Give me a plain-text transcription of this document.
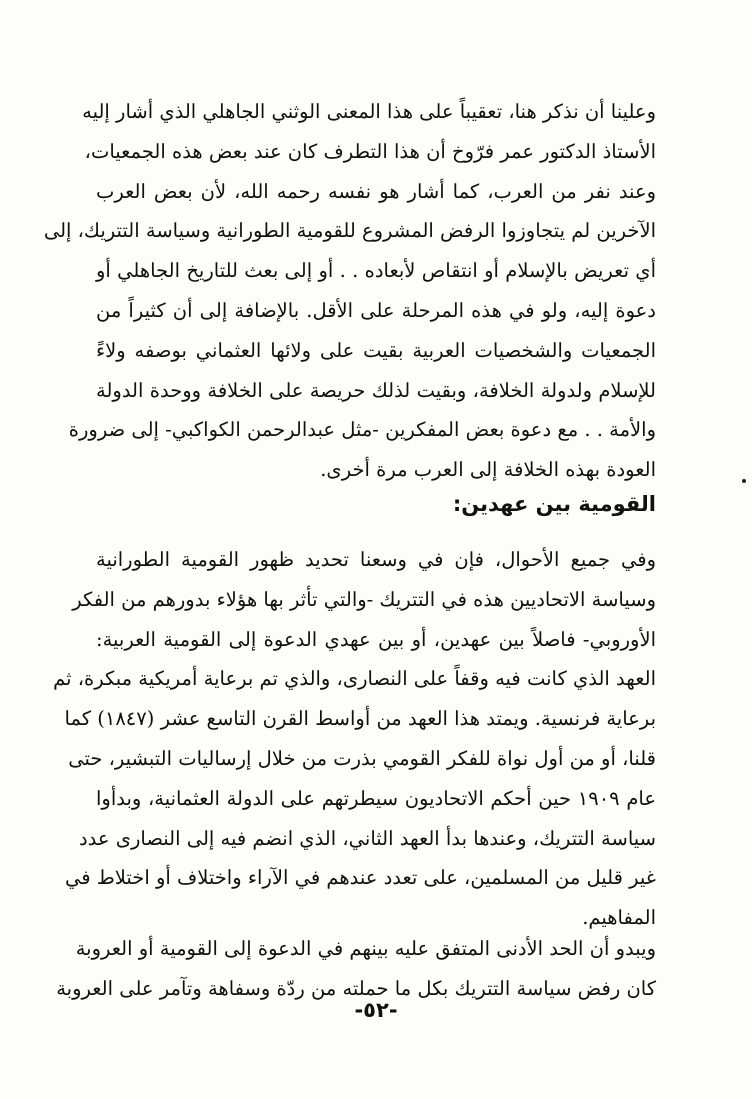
وعلينا أن نذكر هنا، تعقيباً على هذا المعنى الوثني الجاهلي الذي أشار إليه
الأستاذ الدكتور عمر فرّوخ أن هذا التطرف كان عند بعض هذه الجمعيات،
وعند نفر من العرب، كما أشار هو نفسه رحمه الله، لأن بعض العرب
الآخرين لم يتجاوزوا الرفض المشروع للقومية الطورانية وسياسة التتريك، إلى
أي تعريض بالإسلام أو انتقاص لأبعاده . . أو إلى بعث للتاريخ الجاهلي أو
دعوة إليه، ولو في هذه المرحلة على الأقل. بالإضافة إلى أن كثيراً من
الجمعيات والشخصيات العربية بقيت على ولائها العثماني بوصفه ولاءً
للإسلام ولدولة الخلافة، وبقيت لذلك حريصة على الخلافة ووحدة الدولة
والأمة . . مع دعوة بعض المفكرين -مثل عبدالرحمن الكواكبي- إلى ضرورة
العودة بهذه الخلافة إلى العرب مرة أخرى.
القومية بين عهدين:
وفي جميع الأحوال، فإن في وسعنا تحديد ظهور القومية الطورانية
وسياسة الاتحاديين هذه في التتريك -والتي تأثر بها هؤلاء بدورهم من الفكر
الأوروبي- فاصلاً بين عهدين، أو بين عهدي الدعوة إلى القومية العربية:
العهد الذي كانت فيه وقفاً على النصارى، والذي تم برعاية أمريكية مبكرة، ثم
برعاية فرنسية. ويمتد هذا العهد من أواسط القرن التاسع عشر (١٨٤٧) كما
قلنا، أو من أول نواة للفكر القومي بذرت من خلال إرساليات التبشير، حتى
عام ١٩٠٩ حين أحكم الاتحاديون سيطرتهم على الدولة العثمانية، وبدأوا
سياسة التتريك، وعندها بدأ العهد الثاني، الذي انضم فيه إلى النصارى عدد
غير قليل من المسلمين، على تعدد عندهم في الآراء واختلاف أو اختلاط في
المفاهيم.
ويبدو أن الحد الأدنى المتفق عليه بينهم في الدعوة إلى القومية أو العروبة
كان رفض سياسة التتريك بكل ما حملته من ردّة وسفاهة وتآمر على العروبة
-٥٢-
